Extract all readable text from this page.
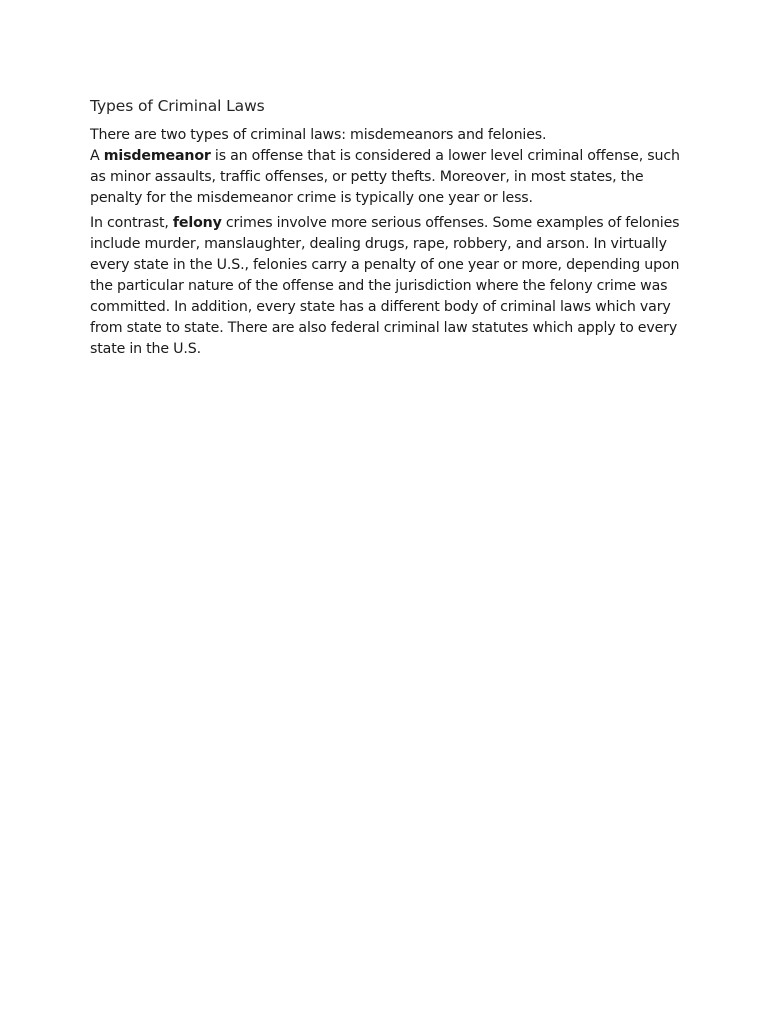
Types of Criminal Laws

There are two types of criminal laws: misdemeanors and felonies.
A misdemeanor is an offense that is considered a lower level criminal offense, such as minor assaults, traffic offenses, or petty thefts. Moreover, in most states, the penalty for the misdemeanor crime is typically one year or less.

In contrast, felony crimes involve more serious offenses. Some examples of felonies include murder, manslaughter, dealing drugs, rape, robbery, and arson. In virtually every state in the U.S., felonies carry a penalty of one year or more, depending upon the particular nature of the offense and the jurisdiction where the felony crime was committed. In addition, every state has a different body of criminal laws which vary from state to state. There are also federal criminal law statutes which apply to every state in the U.S.
